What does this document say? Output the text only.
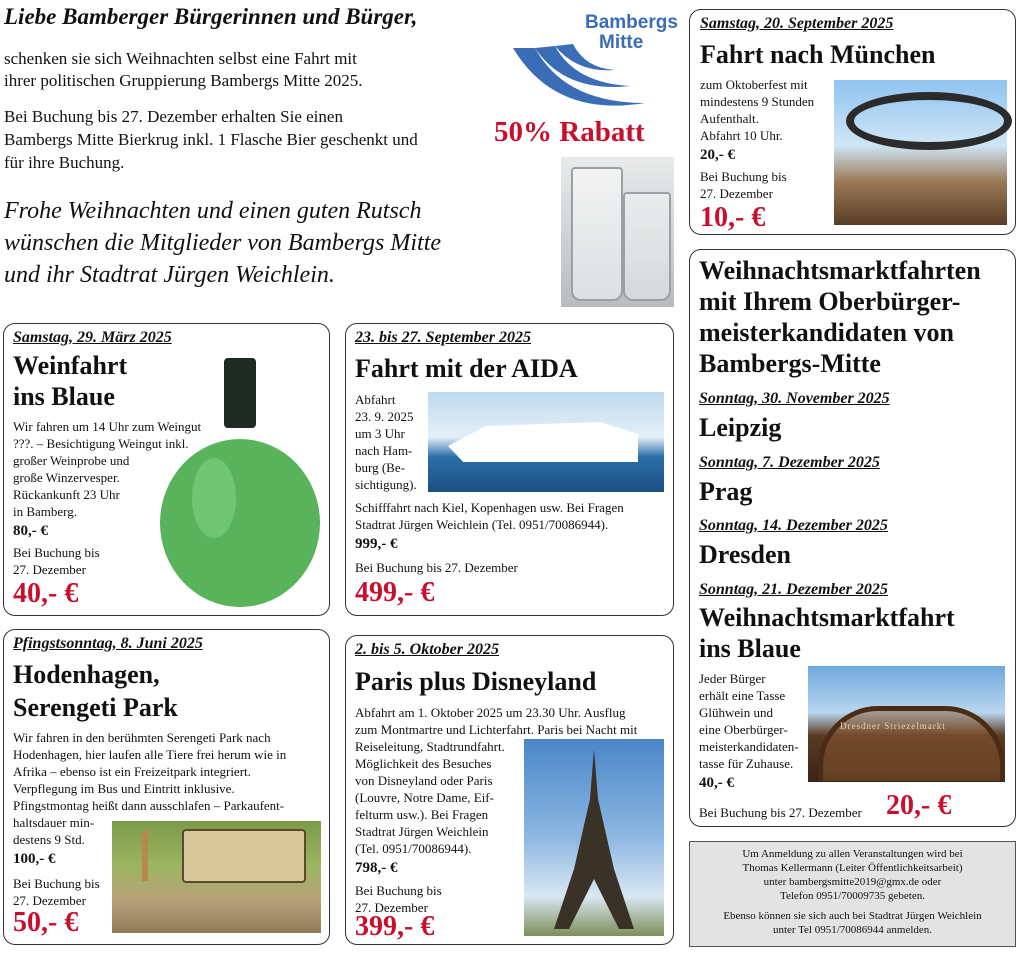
Liebe Bamberger Bürgerinnen und Bürger,
schenken sie sich Weihnachten selbst eine Fahrt mit
ihrer politischen Gruppierung Bambergs Mitte 2025.
Bei Buchung bis 27. Dezember erhalten Sie einen
Bambergs Mitte Bierkrug inkl. 1 Flasche Bier geschenkt und
für ihre Buchung.
50% Rabatt
Frohe Weihnachten und einen guten Rutsch
wünschen die Mitglieder von Bambergs Mitte
und ihr Stadtrat Jürgen Weichlein.
Bambergs
Mitte
Samstag, 20. September 2025
Fahrt nach München
zum Oktoberfest mit
mindestens 9 Stunden
Aufenthalt.
Abfahrt 10 Uhr.
20,- €
Bei Buchung bis
27. Dezember
10,- €
Samstag, 29. März 2025
Weinfahrt
ins Blaue
Wir fahren um 14 Uhr zum Weingut
???. – Besichtigung Weingut inkl.
großer Weinprobe und
große Winzervesper.
Rückankunft 23 Uhr
in Bamberg.
80,- €
Bei Buchung bis
27. Dezember
40,- €
23. bis 27. September 2025
Fahrt mit der AIDA
Abfahrt
23. 9. 2025
um 3 Uhr
nach Ham-
burg (Be-
sichtigung).
Schifffahrt nach Kiel, Kopenhagen usw. Bei Fragen
Stadtrat Jürgen Weichlein (Tel. 0951/70086944).
999,- €
Bei Buchung bis 27. Dezember
499,- €
Weihnachtsmarktfahrten
mit Ihrem Oberbürger-
meisterkandidaten von
Bambergs-Mitte
Sonntag, 30. November 2025
Leipzig
Sonntag, 7. Dezember 2025
Prag
Sonntag, 14. Dezember 2025
Dresden
Sonntag, 21. Dezember 2025
Weihnachtsmarktfahrt
ins Blaue
Jeder Bürger
erhält eine Tasse
Glühwein und
eine Oberbürger-
meisterkandidaten-
tasse für Zuhause.
40,- €
Bei Buchung bis 27. Dezember 20,- €
Dresdner Striezelmarkt
Pfingstsonntag, 8. Juni 2025
Hodenhagen,
Serengeti Park
Wir fahren in den berühmten Serengeti Park nach
Hodenhagen, hier laufen alle Tiere frei herum wie in
Afrika – ebenso ist ein Freizeitpark integriert.
Verpflegung im Bus und Eintritt inklusive.
Pfingstmontag heißt dann ausschlafen – Parkaufent-
haltsdauer min-
destens 9 Std.
100,- €
Bei Buchung bis
27. Dezember
50,- €
2. bis 5. Oktober 2025
Paris plus Disneyland
Abfahrt am 1. Oktober 2025 um 23.30 Uhr. Ausflug
zum Montmartre und Lichterfahrt. Paris bei Nacht mit
Reiseleitung, Stadtrundfahrt.
Möglichkeit des Besuches
von Disneyland oder Paris
(Louvre, Notre Dame, Eif-
felturm usw.). Bei Fragen
Stadtrat Jürgen Weichlein
(Tel. 0951/70086944).
798,- €
Bei Buchung bis
27. Dezember
399,- €
Um Anmeldung zu allen Veranstaltungen wird bei
Thomas Kellermann (Leiter Öffentlichkeitsarbeit)
unter bambergsmitte2019@gmx.de oder
Telefon 0951/70009735 gebeten.
Ebenso können sie sich auch bei Stadtrat Jürgen Weichlein
unter Tel 0951/70086944 anmelden.
